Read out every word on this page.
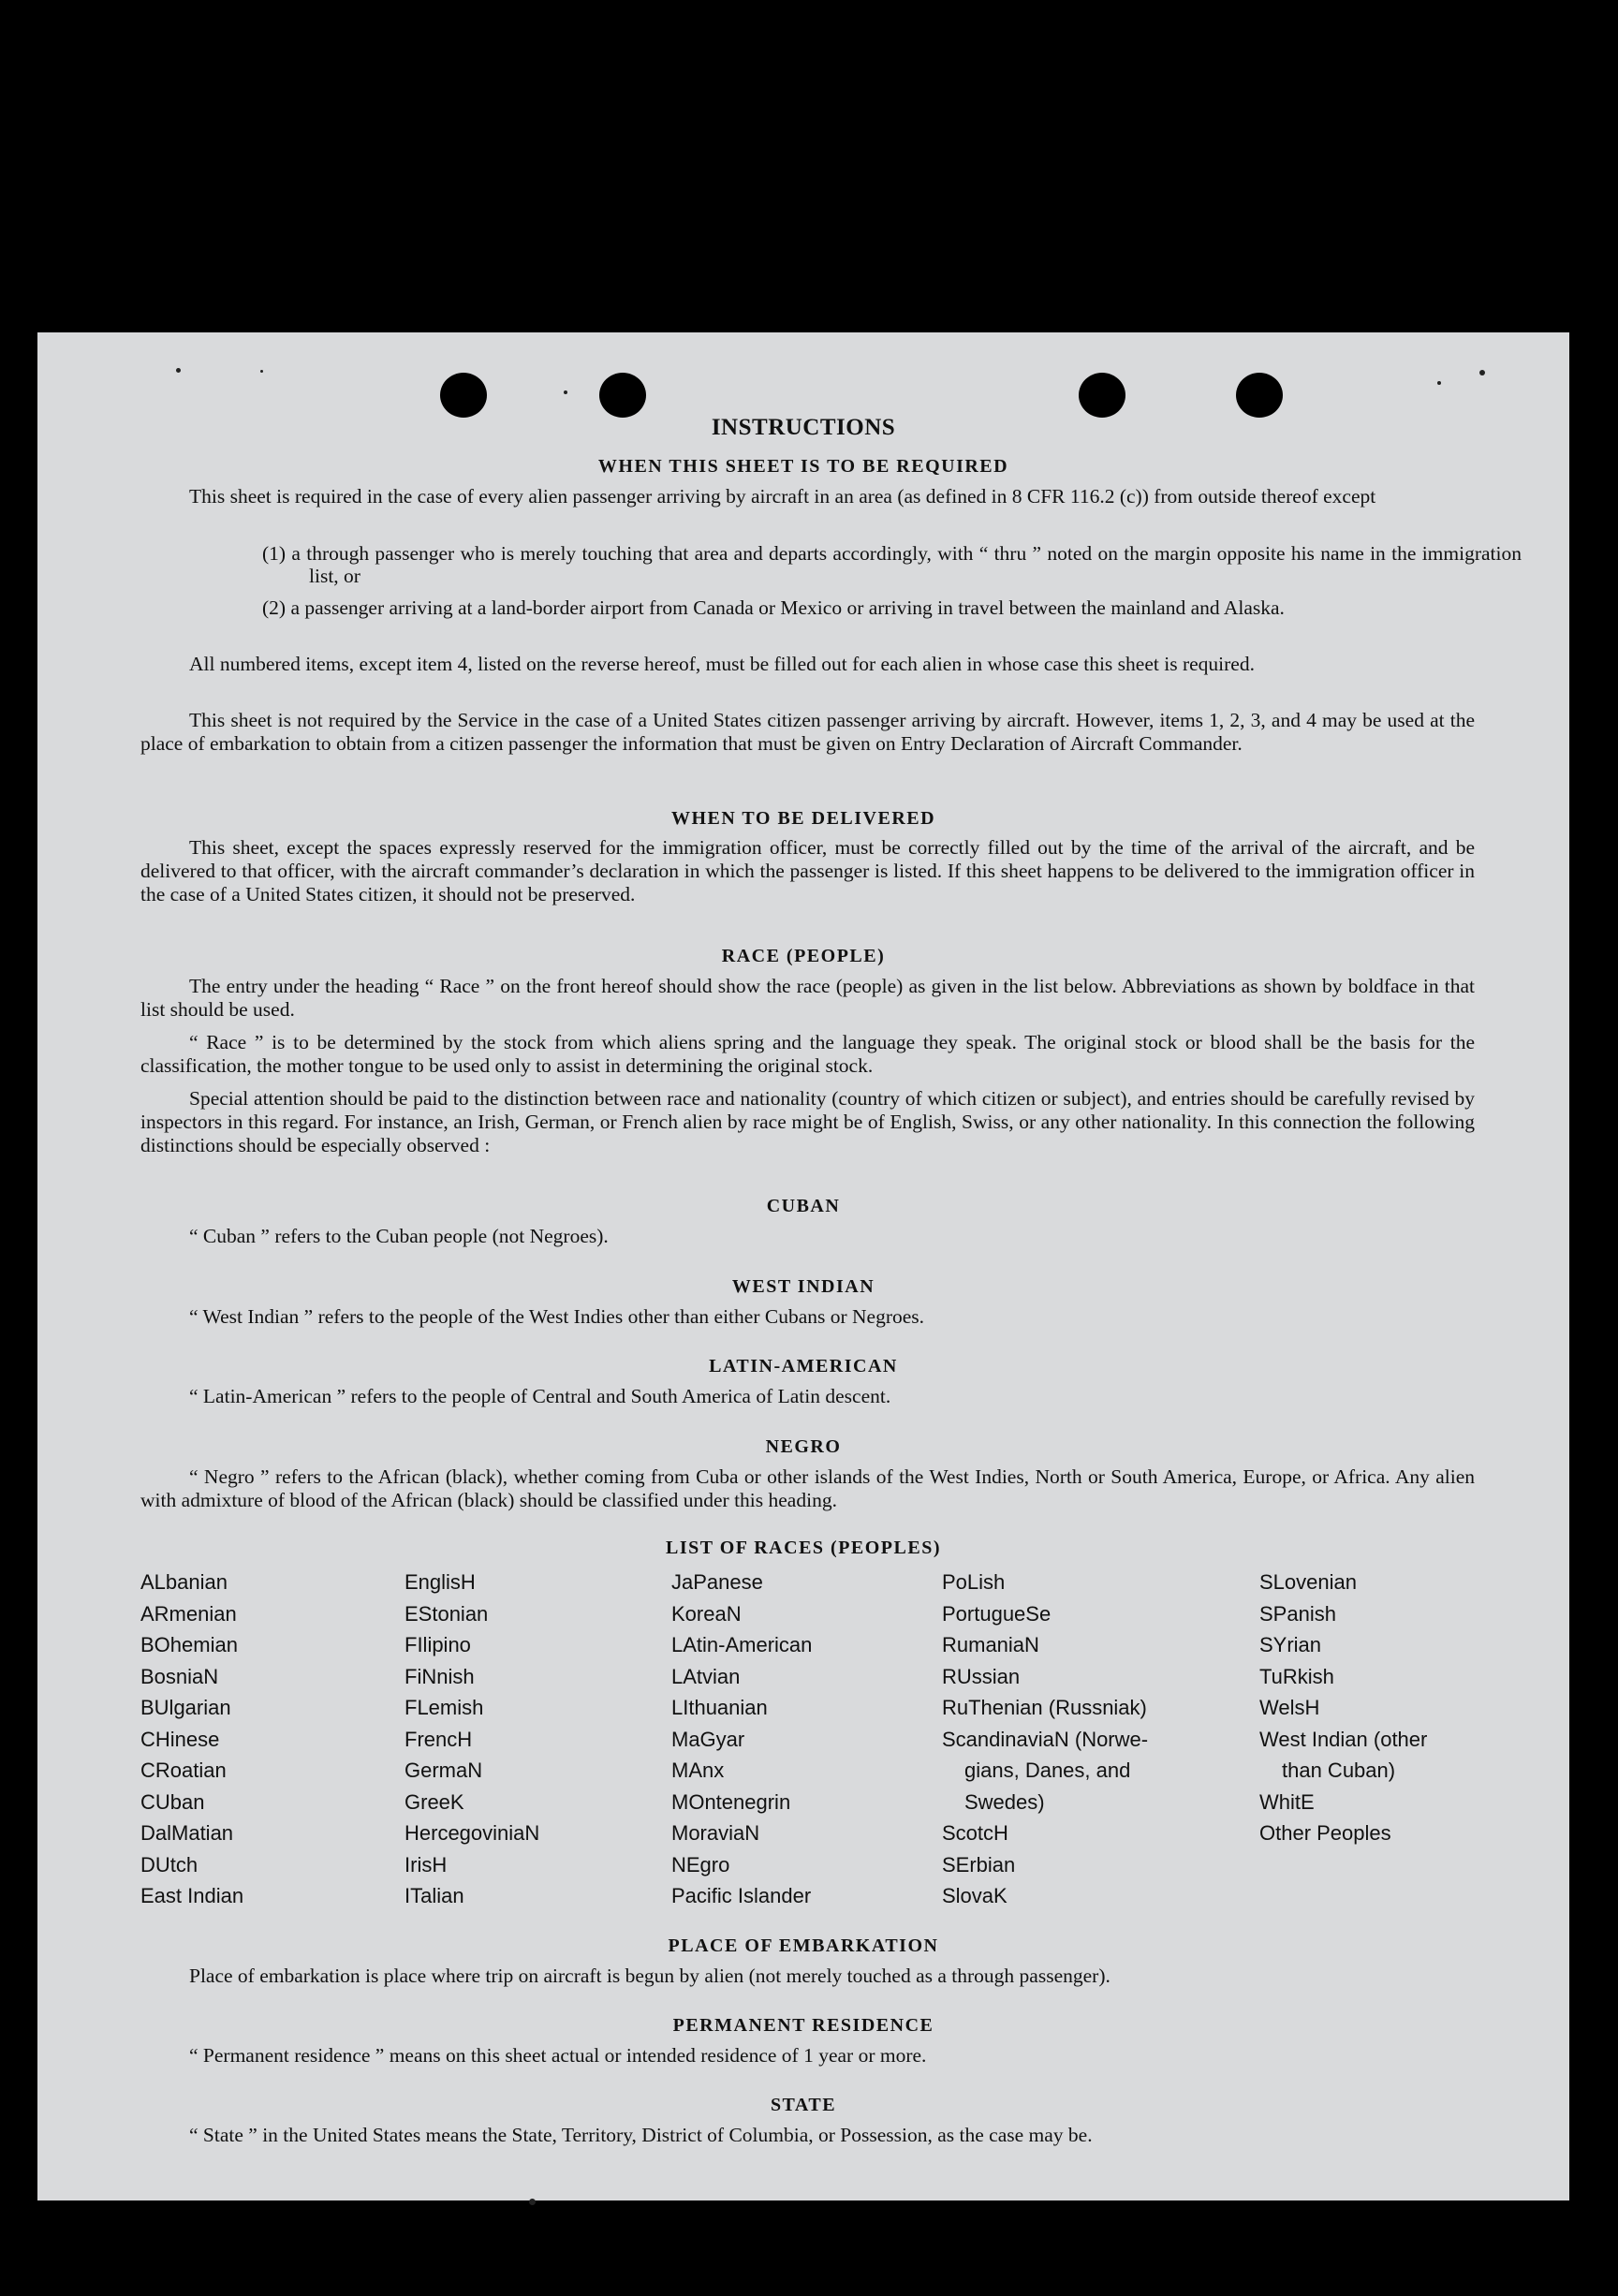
INSTRUCTIONS
WHEN THIS SHEET IS TO BE REQUIRED

This sheet is required in the case of every alien passenger arriving by aircraft in an area (as defined in 8 CFR 116.2 (c)) from outside thereof except

(1) a through passenger who is merely touching that area and departs accordingly, with “ thru ” noted on the margin opposite his name in the immigration list, or

(2) a passenger arriving at a land-border airport from Canada or Mexico or arriving in travel between the mainland and Alaska.

All numbered items, except item 4, listed on the reverse hereof, must be filled out for each alien in whose case this sheet is required.

This sheet is not required by the Service in the case of a United States citizen passenger arriving by aircraft. However, items 1, 2, 3, and 4 may be used at the place of embarkation to obtain from a citizen passenger the information that must be given on Entry Declaration of Aircraft Commander.

WHEN TO BE DELIVERED

This sheet, except the spaces expressly reserved for the immigration officer, must be correctly filled out by the time of the arrival of the aircraft, and be delivered to that officer, with the aircraft commander’s declaration in which the passenger is listed. If this sheet happens to be delivered to the immigration officer in the case of a United States citizen, it should not be preserved.

RACE (PEOPLE)

The entry under the heading “ Race ” on the front hereof should show the race (people) as given in the list below. Abbreviations as shown by boldface in that list should be used.

“ Race ” is to be determined by the stock from which aliens spring and the language they speak. The original stock or blood shall be the basis for the classification, the mother tongue to be used only to assist in determining the original stock.

Special attention should be paid to the distinction between race and nationality (country of which citizen or subject), and entries should be carefully revised by inspectors in this regard. For instance, an Irish, German, or French alien by race might be of English, Swiss, or any other nationality. In this connection the following distinctions should be especially observed :

CUBAN

“ Cuban ” refers to the Cuban people (not Negroes).

WEST INDIAN

“ West Indian ” refers to the people of the West Indies other than either Cubans or Negroes.

LATIN-AMERICAN

“ Latin-American ” refers to the people of Central and South America of Latin descent.

NEGRO

“ Negro ” refers to the African (black), whether coming from Cuba or other islands of the West Indies, North or South America, Europe, or Africa. Any alien with admixture of blood of the African (black) should be classified under this heading.

LIST OF RACES (PEOPLES)
ALbanian
ARmenian
BOhemian
BosniaN
BUlgarian
CHinese
CRoatian
CUban
DalMatian
DUtch
East Indian
EnglisH
EStonian
FIlipino
FiNnish
FLemish
FrencH
GermaN
GreeK
HercegoviniaN
IrisH
ITalian
JaPanese
KoreaN
LAtin-American
LAtvian
LIthuanian
MaGyar
MAnx
MOntenegrin
MoraviaN
NEgro
Pacific Islander
PoLish
PortugueSe
RumaniaN
RUssian
RuThenian (Russniak)
ScandinaviaN (Norwe-
gians, Danes, and
Swedes)
ScotcH
SErbian
SlovaK
SLovenian
SPanish
SYrian
TuRkish
WelsH
West Indian (other
than Cuban)
WhitE
Other Peoples
PLACE OF EMBARKATION

Place of embarkation is place where trip on aircraft is begun by alien (not merely touched as a through passenger).

PERMANENT RESIDENCE

“ Permanent residence ” means on this sheet actual or intended residence of 1 year or more.

STATE

“ State ” in the United States means the State, Territory, District of Columbia, or Possession, as the case may be.
